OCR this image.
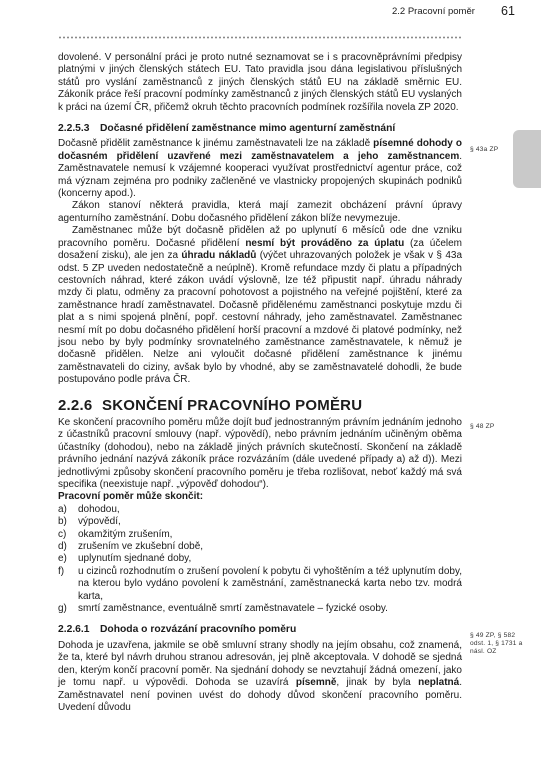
2.2 Pracovní poměr 61

dovolené. V personální práci je proto nutné seznamovat se i s pracovněprávními předpisy platnými v jiných členských státech EU. Tato pravidla jsou dána legislativou příslušných států pro vyslání zaměstnanců z jiných členských států EU na základě směrnic EU. Zákoník práce řeší pracovní podmínky zaměstnanců z jiných členských států EU vyslaných k práci na území ČR, přičemž okruh těchto pracovních podmínek rozšířila novela ZP 2020.

2.2.5.3 Dočasné přidělení zaměstnance mimo agenturní zaměstnání

Dočasně přidělit zaměstnance k jinému zaměstnavateli lze na základě písemné dohody o dočasném přidělení uzavřené mezi zaměstnavatelem a jeho zaměstnancem. Zaměstnavatele nemusí k vzájemné kooperaci využívat prostřednictví agentur práce, což má význam zejména pro podniky začleněné ve vlastnicky propojených skupinách podniků (koncerny apod.).

Zákon stanoví některá pravidla, která mají zamezit obcházení právní úpravy agenturního zaměstnání. Dobu dočasného přidělení zákon blíže nevymezuje.

Zaměstnanec může být dočasně přidělen až po uplynutí 6 měsíců ode dne vzniku pracovního poměru. Dočasné přidělení nesmí být prováděno za úplatu (za účelem dosažení zisku), ale jen za úhradu nákladů (výčet uhrazovaných položek je však v § 43a odst. 5 ZP uveden nedostatečně a neúplně). Kromě refundace mzdy či platu a případných cestovních náhrad, které zákon uvádí výslovně, lze též připustit např. úhradu náhrady mzdy či platu, odměny za pracovní pohotovost a pojistného na veřejné pojištění, které za zaměstnance hradí zaměstnavatel. Dočasně přidělenému zaměstnanci poskytuje mzdu či plat a s nimi spojená plnění, popř. cestovní náhrady, jeho zaměstnavatel. Zaměstnanec nesmí mít po dobu dočasného přidělení horší pracovní a mzdové či platové podmínky, než jsou nebo by byly podmínky srovnatelného zaměstnance zaměstnavatele, k němuž je dočasně přidělen. Nelze ani vyloučit dočasné přidělení zaměstnance k jinému zaměstnavateli do ciziny, avšak bylo by vhodné, aby se zaměstnavatelé dohodli, že bude postupováno podle práva ČR.

2.2.6 SKONČENÍ PRACOVNÍHO POMĚRU

Ke skončení pracovního poměru může dojít buď jednostranným právním jednáním jednoho z účastníků pracovní smlouvy (např. výpovědí), nebo právním jednáním učiněným oběma účastníky (dohodou), nebo na základě jiných právních skutečností. Skončení na základě právního jednání nazývá zákoník práce rozvázáním (dále uvedené případy a) až d)). Mezi jednotlivými způsoby skončení pracovního poměru je třeba rozlišovat, neboť každý má svá specifika (neexistuje např. „výpověď dohodou“).

Pracovní poměr může skončit:

a) dohodou,
b) výpovědí,
c) okamžitým zrušením,
d) zrušením ve zkušební době,
e) uplynutím sjednané doby,
f) u cizinců rozhodnutím o zrušení povolení k pobytu či vyhoštěním a též uplynutím doby, na kterou bylo vydáno povolení k zaměstnání, zaměstnanecká karta nebo tzv. modrá karta,
g) smrtí zaměstnance, eventuálně smrtí zaměstnavatele – fyzické osoby.
2.2.6.1 Dohoda o rozvázání pracovního poměru

Dohoda je uzavřena, jakmile se obě smluvní strany shodly na jejím obsahu, což znamená, že ta, které byl návrh druhou stranou adresován, jej plně akceptovala. V dohodě se sjedná den, kterým končí pracovní poměr. Na sjednání dohody se nevztahují žádná omezení, jako je tomu např. u výpovědi. Dohoda se uzavírá písemně, jinak by byla neplatná. Zaměstnavatel není povinen uvést do dohody důvod skončení pracovního poměru. Uvedení důvodu

§ 43a ZP
§ 48 ZP
§ 49 ZP, § 582 odst. 1, § 1731 a násl. OZ
